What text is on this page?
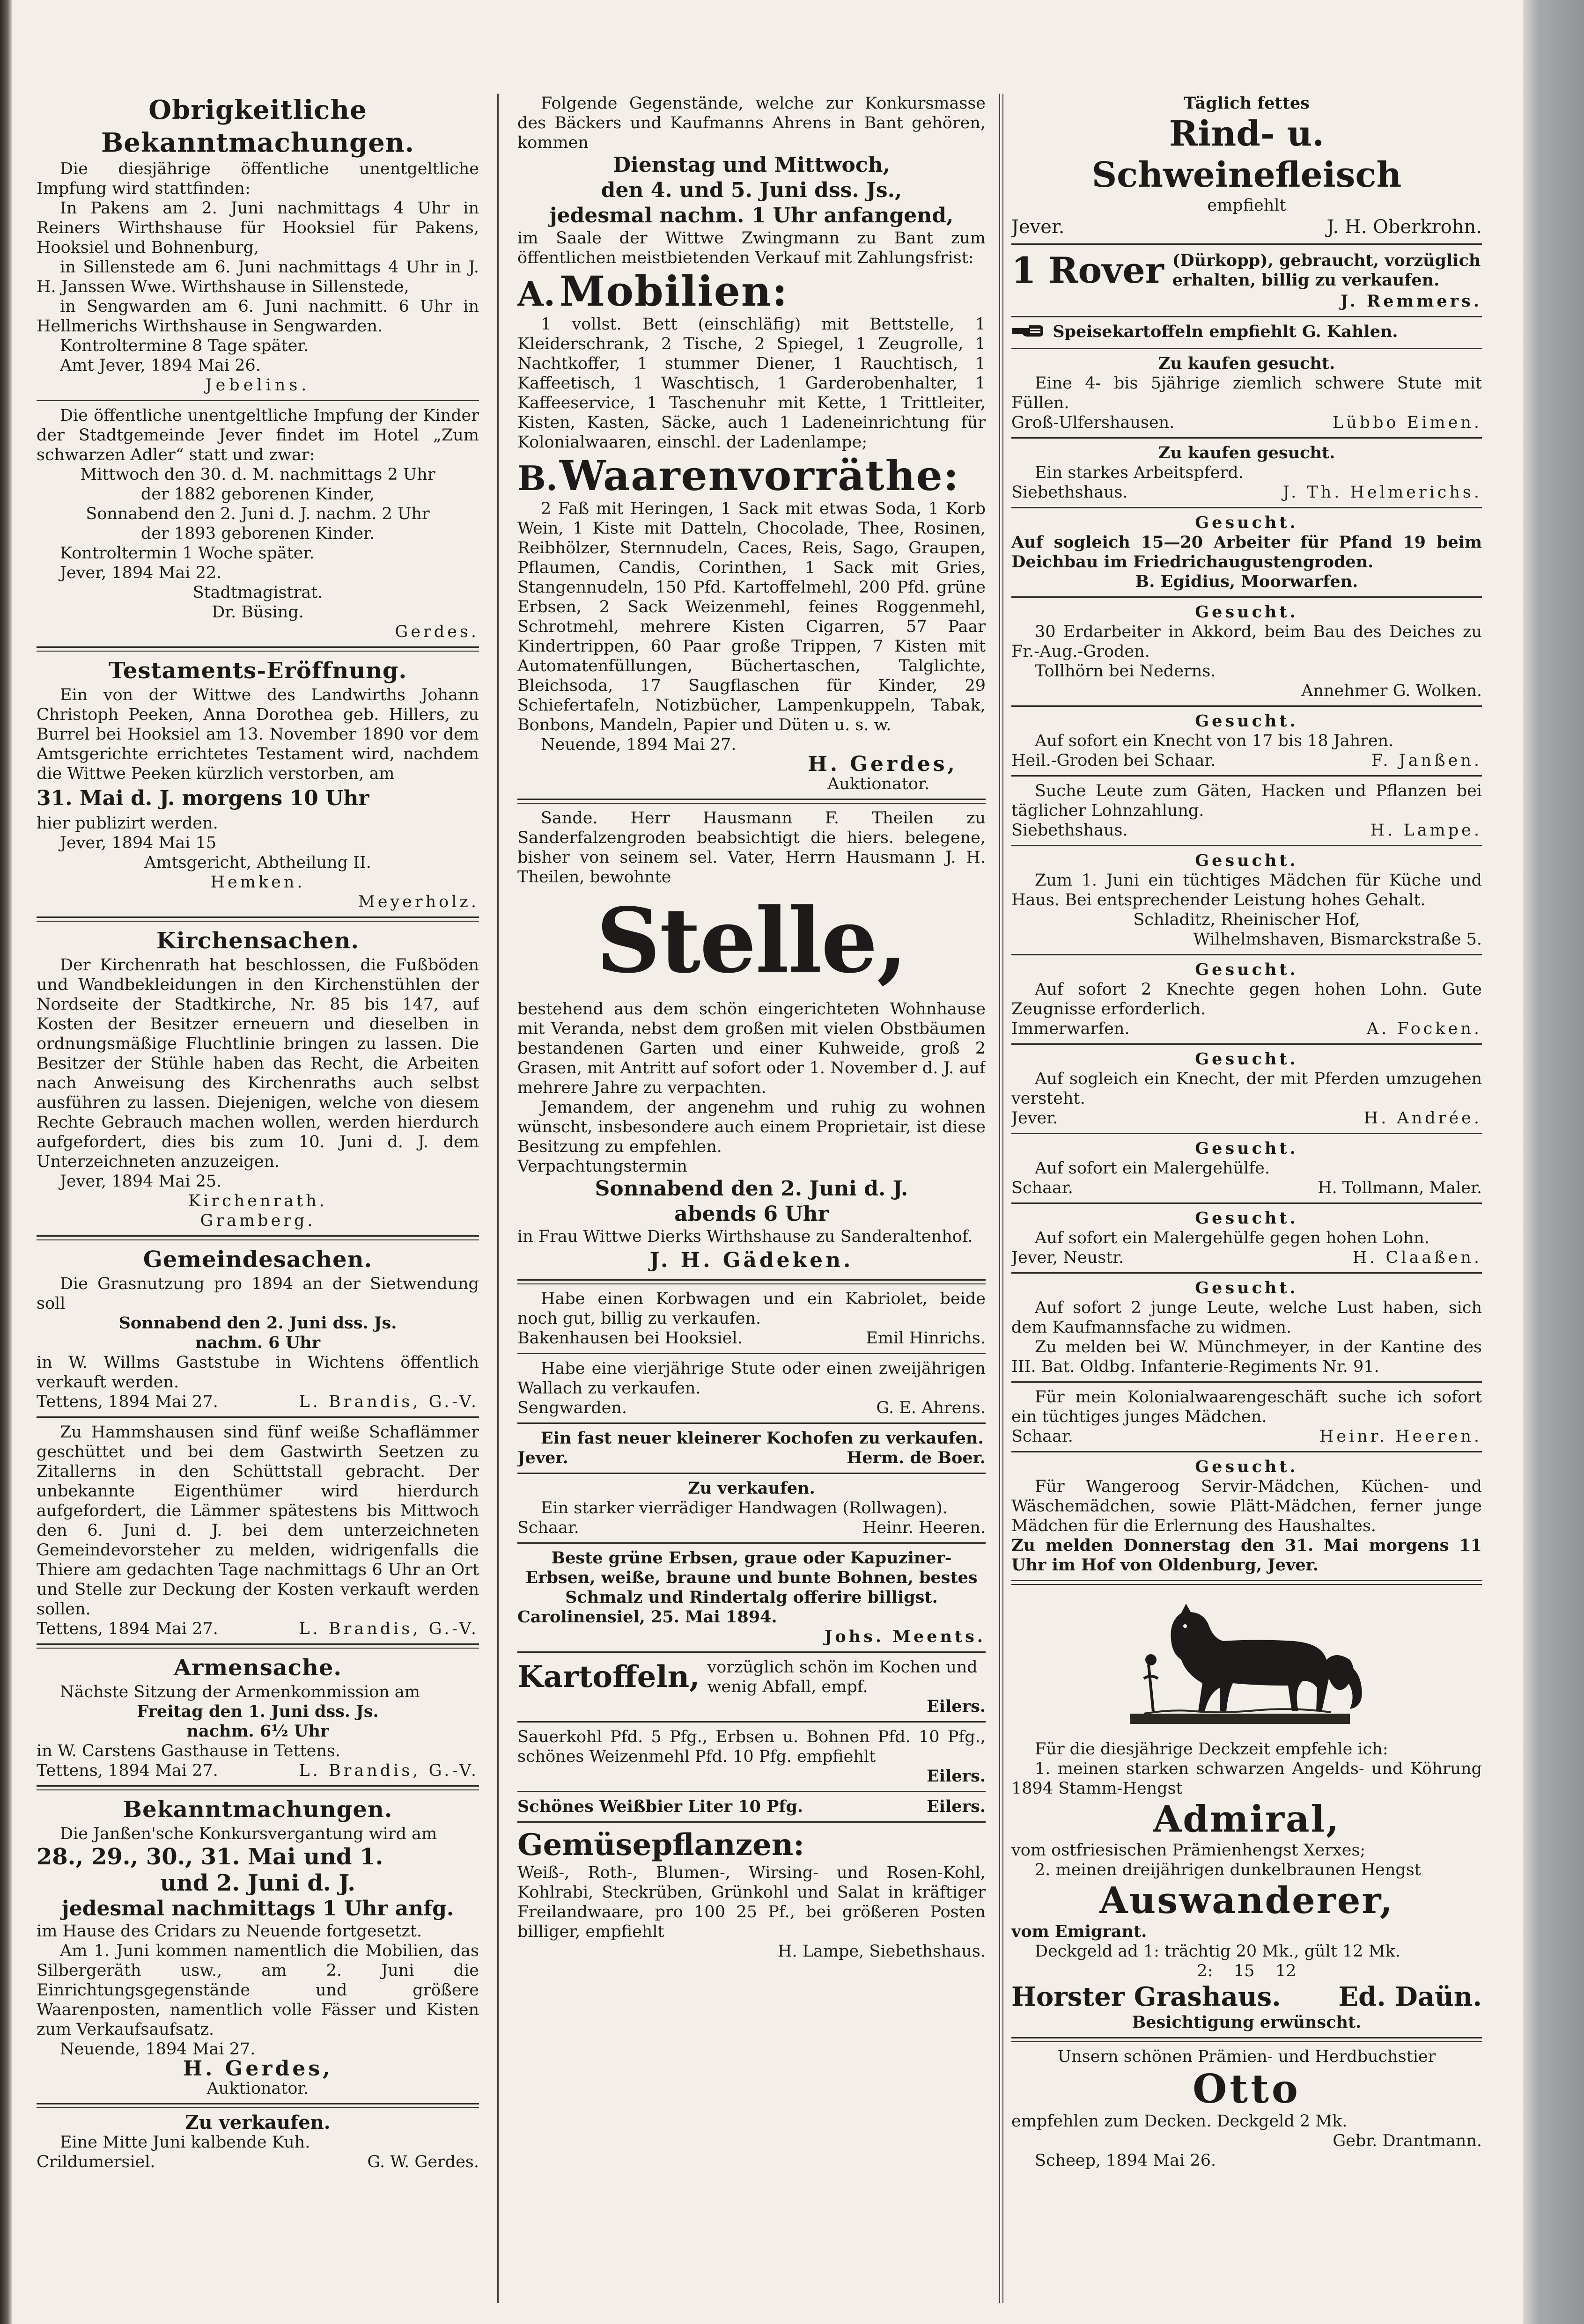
Obrigkeitliche Bekanntmachungen.

Die diesjährige öffentliche unentgeltliche Impfung wird stattfinden:

In Pakens am 2. Juni nachmittags 4 Uhr in Reiners Wirthshause für Hooksiel für Pakens, Hooksiel und Bohnenburg,

in Sillenstede am 6. Juni nachmittags 4 Uhr in J. H. Janssen Wwe. Wirthshause in Sillenstede,

in Sengwarden am 6. Juni nachmitt. 6 Uhr in Hellmerichs Wirthshause in Sengwarden.

Kontroltermine 8 Tage später.

Amt Jever, 1894 Mai 26.

Jebelins.

Die öffentliche unentgeltliche Impfung der Kinder der Stadtgemeinde Jever findet im Hotel „Zum schwarzen Adler“ statt und zwar:

Mittwoch den 30. d. M. nachmittags 2 Uhr

der 1882 geborenen Kinder,

Sonnabend den 2. Juni d. J. nachm. 2 Uhr

der 1893 geborenen Kinder.

Kontroltermin 1 Woche später.

Jever, 1894 Mai 22.

Stadtmagistrat.

Dr. Büsing.

Gerdes.

Testaments-Eröffnung.

Ein von der Wittwe des Landwirths Johann Christoph Peeken, Anna Dorothea geb. Hillers, zu Burrel bei Hooksiel am 13. November 1890 vor dem Amtsgerichte errichtetes Testament wird, nachdem die Wittwe Peeken kürzlich verstorben, am

31. Mai d. J. morgens 10 Uhr

hier publizirt werden.

Jever, 1894 Mai 15

Amtsgericht, Abtheilung II.

Hemken.

Meyerholz.

Kirchensachen.

Der Kirchenrath hat beschlossen, die Fußböden und Wandbekleidungen in den Kirchenstühlen der Nordseite der Stadtkirche, Nr. 85 bis 147, auf Kosten der Besitzer erneuern und dieselben in ordnungsmäßige Fluchtlinie bringen zu lassen. Die Besitzer der Stühle haben das Recht, die Arbeiten nach Anweisung des Kirchenraths auch selbst ausführen zu lassen. Diejenigen, welche von diesem Rechte Gebrauch machen wollen, werden hierdurch aufgefordert, dies bis zum 10. Juni d. J. dem Unterzeichneten anzuzeigen.

Jever, 1894 Mai 25.

Kirchenrath.

Gramberg.

Gemeindesachen.

Die Grasnutzung pro 1894 an der Sietwendung soll

Sonnabend den 2. Juni dss. Js.

nachm. 6 Uhr

in W. Willms Gaststube in Wichtens öffentlich verkauft werden.

Tettens, 1894 Mai 27.	L. Brandis, G.-V.

Zu Hammshausen sind fünf weiße Schaflämmer geschüttet und bei dem Gastwirth Seetzen zu Zitallerns in den Schüttstall gebracht. Der unbekannte Eigenthümer wird hierdurch aufgefordert, die Lämmer spätestens bis Mittwoch den 6. Juni d. J. bei dem unterzeichneten Gemeindevorsteher zu melden, widrigenfalls die Thiere am gedachten Tage nachmittags 6 Uhr an Ort und Stelle zur Deckung der Kosten verkauft werden sollen.

Tettens, 1894 Mai 27.	L. Brandis, G.-V.
Armensache.

Nächste Sitzung der Armenkommission am

Freitag den 1. Juni dss. Js.

nachm. 6½ Uhr

in W. Carstens Gasthause in Tettens.

Tettens, 1894 Mai 27.	L. Brandis, G.-V.
Bekanntmachungen.

Die Janßen'sche Konkursvergantung wird am

28., 29., 30., 31. Mai und 1.

und 2. Juni d. J.

jedesmal nachmittags 1 Uhr anfg.

im Hause des Cridars zu Neuende fortgesetzt.

Am 1. Juni kommen namentlich die Mobilien, das Silbergeräth usw., am 2. Juni die Einrichtungsgegenstände und größere Waarenposten, namentlich volle Fässer und Kisten zum Verkaufsaufsatz.

Neuende, 1894 Mai 27.

H. Gerdes,

Auktionator.

Zu verkaufen.

Eine Mitte Juni kalbende Kuh.

Crildumersiel.	G. W. Gerdes.

Folgende Gegenstände, welche zur Konkursmasse des Bäckers und Kaufmanns Ahrens in Bant gehören, kommen

Dienstag und Mittwoch,

den 4. und 5. Juni dss. Js.,

jedesmal nachm. 1 Uhr anfangend,

im Saale der Wittwe Zwingmann zu Bant zum öffentlichen meistbietenden Verkauf mit Zahlungsfrist:

A. Mobilien:

1 vollst. Bett (einschläfig) mit Bettstelle, 1 Kleiderschrank, 2 Tische, 2 Spiegel, 1 Zeugrolle, 1 Nachtkoffer, 1 stummer Diener, 1 Rauchtisch, 1 Kaffeetisch, 1 Waschtisch, 1 Garderobenhalter, 1 Kaffeeservice, 1 Taschenuhr mit Kette, 1 Trittleiter, Kisten, Kasten, Säcke, auch 1 Ladeneinrichtung für Kolonialwaaren, einschl. der Ladenlampe;

B. Waarenvorräthe:

2 Faß mit Heringen, 1 Sack mit etwas Soda, 1 Korb Wein, 1 Kiste mit Datteln, Chocolade, Thee, Rosinen, Reibhölzer, Sternnudeln, Caces, Reis, Sago, Graupen, Pflaumen, Candis, Corinthen, 1 Sack mit Gries, Stangennudeln, 150 Pfd. Kartoffelmehl, 200 Pfd. grüne Erbsen, 2 Sack Weizenmehl, feines Roggenmehl, Schrotmehl, mehrere Kisten Cigarren, 57 Paar Kindertrippen, 60 Paar große Trippen, 7 Kisten mit Automatenfüllungen, Büchertaschen, Talglichte, Bleichsoda, 17 Saugflaschen für Kinder, 29 Schiefertafeln, Notizbücher, Lampenkuppeln, Tabak, Bonbons, Mandeln, Papier und Düten u. s. w.

Neuende, 1894 Mai 27.

H. Gerdes,

Auktionator.

Sande. Herr Hausmann F. Theilen zu Sanderfalzengroden beabsichtigt die hiers. belegene, bisher von seinem sel. Vater, Herrn Hausmann J. H. Theilen, bewohnte

Stelle,

bestehend aus dem schön eingerichteten Wohnhause mit Veranda, nebst dem großen mit vielen Obstbäumen bestandenen Garten und einer Kuhweide, groß 2 Grasen, mit Antritt auf sofort oder 1. November d. J. auf mehrere Jahre zu verpachten.

Jemandem, der angenehm und ruhig zu wohnen wünscht, insbesondere auch einem Proprietair, ist diese Besitzung zu empfehlen.

Verpachtungstermin

Sonnabend den 2. Juni d. J.

abends 6 Uhr

in Frau Wittwe Dierks Wirthshause zu Sanderaltenhof.

J. H. Gädeken.

Habe einen Korbwagen und ein Kabriolet, beide noch gut, billig zu verkaufen.

Bakenhausen bei Hooksiel.	Emil Hinrichs.

Habe eine vierjährige Stute oder einen zweijährigen Wallach zu verkaufen.

Sengwarden.	G. E. Ahrens.

Ein fast neuer kleinerer Kochofen zu verkaufen.

Jever.	Herm. de Boer.

Zu verkaufen.

Ein starker vierrädiger Handwagen (Rollwagen).

Schaar.	Heinr. Heeren.

Beste grüne Erbsen, graue oder Kapuziner-Erbsen, weiße, braune und bunte Bohnen, bestes Schmalz und Rindertalg offerire billigst.

Carolinensiel, 25. Mai 1894.

Johs. Meents.

Kartoffeln, vorzüglich schön im Kochen und wenig Abfall, empf.

Eilers.

Sauerkohl Pfd. 5 Pfg., Erbsen u. Bohnen Pfd. 10 Pfg., schönes Weizenmehl Pfd. 10 Pfg. empfiehlt

Eilers.

Schönes Weißbier Liter 10 Pfg.	Eilers.

Gemüsepflanzen:

Weiß-, Roth-, Blumen-, Wirsing- und Rosen-Kohl, Kohlrabi, Steckrüben, Grünkohl und Salat in kräftiger Freilandwaare, pro 100 25 Pf., bei größeren Posten billiger, empfiehlt

H. Lampe, Siebethshaus.

Täglich fettes

Rind- u. Schweinefleisch

empfiehlt

Jever.	J. H. Oberkrohn.
1 Rover (Dürkopp), gebraucht, vorzüglich erhalten, billig zu verkaufen.

J. Remmers.

Speisekartoffeln empfiehlt G. Kahlen.

Zu kaufen gesucht.

Eine 4- bis 5jährige ziemlich schwere Stute mit Füllen.

Groß-Ulfershausen.	Lübbo Eimen.

Zu kaufen gesucht.

Ein starkes Arbeitspferd.

Siebethshaus.	J. Th. Helmerichs.

Gesucht.

Auf sogleich 15—20 Arbeiter für Pfand 19 beim Deichbau im Friedrichaugustengroden.

B. Egidius, Moorwarfen.

Gesucht.

30 Erdarbeiter in Akkord, beim Bau des Deiches zu Fr.-Aug.-Groden.

Tollhörn bei Nederns.

Annehmer G. Wolken.

Gesucht.

Auf sofort ein Knecht von 17 bis 18 Jahren.

Heil.-Groden bei Schaar.	F. Janßen.

Suche Leute zum Gäten, Hacken und Pflanzen bei täglicher Lohnzahlung.

Siebethshaus.	H. Lampe.

Gesucht.

Zum 1. Juni ein tüchtiges Mädchen für Küche und Haus. Bei entsprechender Leistung hohes Gehalt.

Schladitz, Rheinischer Hof,

Wilhelmshaven, Bismarckstraße 5.

Gesucht.

Auf sofort 2 Knechte gegen hohen Lohn. Gute Zeugnisse erforderlich.

Immerwarfen.	A. Focken.

Gesucht.

Auf sogleich ein Knecht, der mit Pferden umzugehen versteht.

Jever.	H. Andrée.

Gesucht.

Auf sofort ein Malergehülfe.

Schaar.	H. Tollmann, Maler.

Gesucht.

Auf sofort ein Malergehülfe gegen hohen Lohn.

Jever, Neustr.	H. Claaßen.

Gesucht.

Auf sofort 2 junge Leute, welche Lust haben, sich dem Kaufmannsfache zu widmen.

Zu melden bei W. Münchmeyer, in der Kantine des III. Bat. Oldbg. Infanterie-Regiments Nr. 91.

Für mein Kolonialwaarengeschäft suche ich sofort ein tüchtiges junges Mädchen.

Schaar.	Heinr. Heeren.

Gesucht.

Für Wangeroog Servir-Mädchen, Küchen- und Wäschemädchen, sowie Plätt-Mädchen, ferner junge Mädchen für die Erlernung des Haushaltes.

Zu melden Donnerstag den 31. Mai morgens 11 Uhr im Hof von Oldenburg, Jever.

Für die diesjährige Deckzeit empfehle ich:

1. meinen starken schwarzen Angelds- und Köhrung 1894 Stamm-Hengst

Admiral,

vom ostfriesischen Prämienhengst Xerxes;

2. meinen dreijährigen dunkelbraunen Hengst

Auswanderer,

vom Emigrant.

Deckgeld ad 1: trächtig 20 Mk., gült 12 Mk.

2:    15    12

Horster Grashaus. Ed. Daün.

Besichtigung erwünscht.

Unsern schönen Prämien- und Herdbuchstier

Otto

empfehlen zum Decken. Deckgeld 2 Mk.

Gebr. Drantmann.

Scheep, 1894 Mai 26.
